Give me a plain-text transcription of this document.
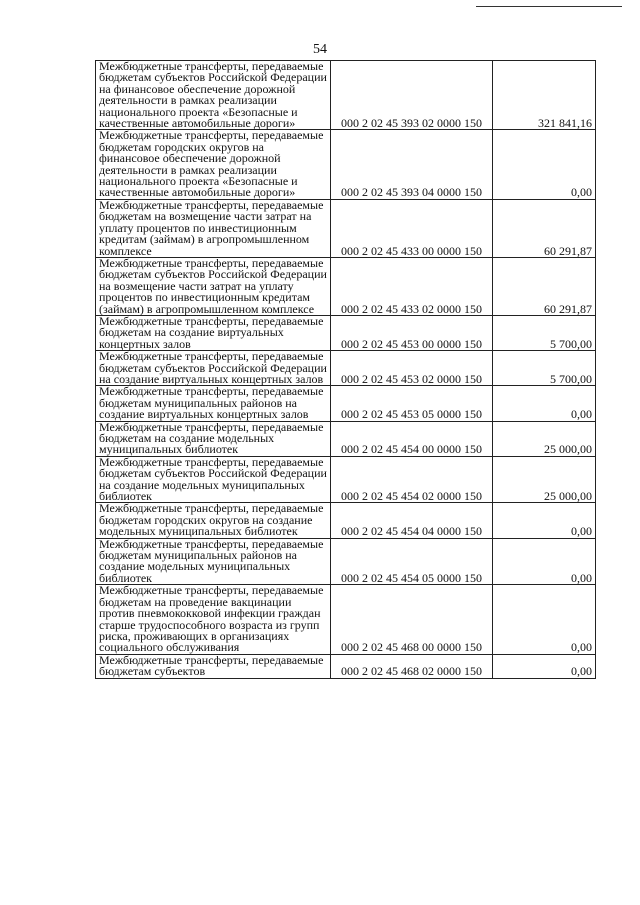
54
Межбюджетные трансферты, передаваемые бюджетам субъектов Российской Федерации на финансовое обеспечение дорожной деятельности в рамках реализации национального проекта «Безопасные и качественные автомобильные дороги»	000 2 02 45 393 02 0000 150	321 841,16
Межбюджетные трансферты, передаваемые бюджетам городских округов на финансовое обеспечение дорожной деятельности в рамках реализации национального проекта «Безопасные и качественные автомобильные дороги»	000 2 02 45 393 04 0000 150	0,00
Межбюджетные трансферты, передаваемые бюджетам на возмещение части затрат на уплату процентов по инвестиционным кредитам (займам) в агропромышленном комплексе	000 2 02 45 433 00 0000 150	60 291,87
Межбюджетные трансферты, передаваемые бюджетам субъектов Российской Федерации на возмещение части затрат на уплату процентов по инвестиционным кредитам (займам) в агропромышленном комплексе	000 2 02 45 433 02 0000 150	60 291,87
Межбюджетные трансферты, передаваемые бюджетам на создание виртуальных концертных залов	000 2 02 45 453 00 0000 150	5 700,00
Межбюджетные трансферты, передаваемые бюджетам субъектов Российской Федерации на создание виртуальных концертных залов	000 2 02 45 453 02 0000 150	5 700,00
Межбюджетные трансферты, передаваемые бюджетам муниципальных районов на создание виртуальных концертных залов	000 2 02 45 453 05 0000 150	0,00
Межбюджетные трансферты, передаваемые бюджетам на создание модельных муниципальных библиотек	000 2 02 45 454 00 0000 150	25 000,00
Межбюджетные трансферты, передаваемые бюджетам субъектов Российской Федерации на создание модельных муниципальных библиотек	000 2 02 45 454 02 0000 150	25 000,00
Межбюджетные трансферты, передаваемые бюджетам городских округов на создание модельных муниципальных библиотек	000 2 02 45 454 04 0000 150	0,00
Межбюджетные трансферты, передаваемые бюджетам муниципальных районов на создание модельных муниципальных библиотек	000 2 02 45 454 05 0000 150	0,00
Межбюджетные трансферты, передаваемые бюджетам на проведение вакцинации против пневмококковой инфекции граждан старше трудоспособного возраста из групп риска, проживающих в организациях социального обслуживания	000 2 02 45 468 00 0000 150	0,00
Межбюджетные трансферты, передаваемые бюджетам субъектов	000 2 02 45 468 02 0000 150	0,00
